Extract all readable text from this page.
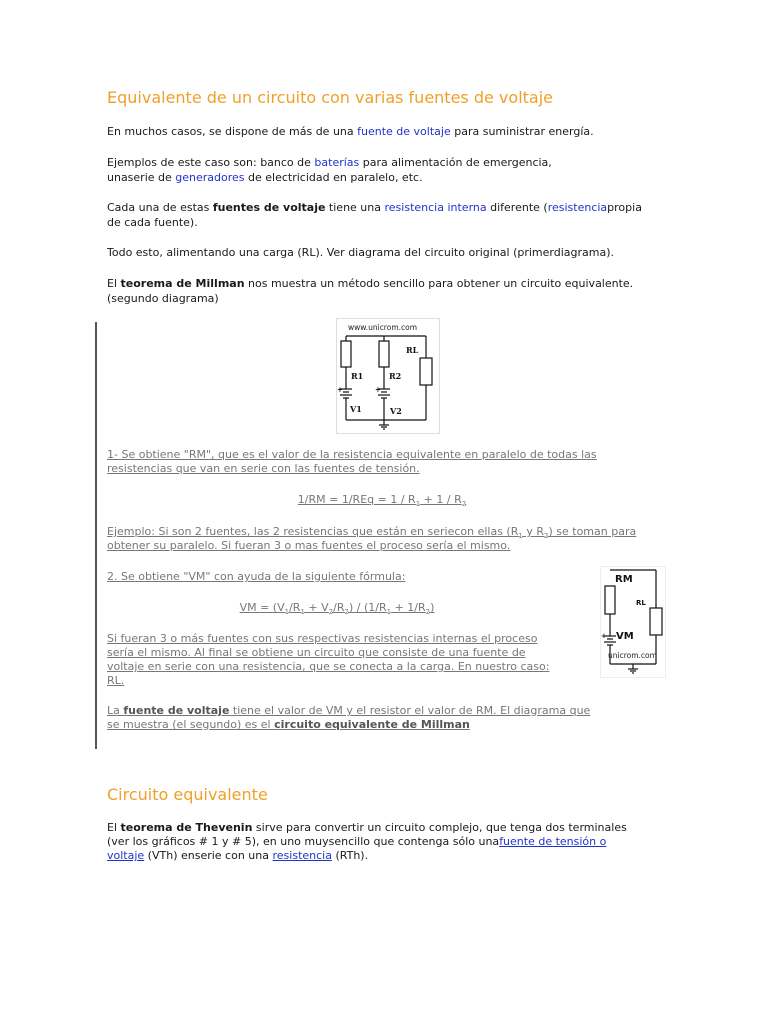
Equivalente de un circuito con varias fuentes de voltaje

En muchos casos, se dispone de más de una fuente de voltaje para suministrar energía.

Ejemplos de este caso son: banco de baterías para alimentación de emergencia,
unaserie de generadores de electricidad en paralelo, etc.

Cada una de estas fuentes de voltaje tiene una resistencia interna diferente (resistenciapropia
de cada fuente).

Todo esto, alimentando una carga (RL). Ver diagrama del circuito original (primerdiagrama).

El teorema de Millman nos muestra un método sencillo para obtener un circuito equivalente.
(segundo diagrama)

www.unicrom.com
R1	R2
RL
V1	V2
+	+

1- Se obtiene "RM", que es el valor de la resistencia equivalente en paralelo de todas las

resistencias que van en serie con las fuentes de tensión.

$1/RM = 1/REq = 1 / R_1 + 1 / R_2$

Ejemplo: Si son 2 fuentes, las 2 resistencias que están en seriecon ellas ($R_1$ y $R_2$) se toman para

obtener su paralelo. Si fueran 3 o mas fuentes el proceso sería el mismo.

2. Se obtiene "VM" con ayuda de la siguiente fórmula:

VM = $(V_1/R_1 + V_2/R_2) / (1/R_1 + 1/R_2)$

Si fueran 3 o más fuentes con sus respectivas resistencias internas el proceso

sería el mismo. Al final se obtiene un circuito que consiste de una fuente de

voltaje en serie con una resistencia, que se conecta a la carga. En nuestro caso:

RL.

RM
RL
VM
+
unicrom.com

La fuente de voltaje tiene el valor de VM y el resistor el valor de RM. El diagrama que

se muestra (el segundo) es el circuito equivalente de Millman

Circuito equivalente

El teorema de Thevenin sirve para convertir un circuito complejo, que tenga dos terminales

(ver los gráficos # 1 y # 5), en uno muysencillo que contenga sólo unafuente de tensión o

voltaje (VTh) enserie con una resistencia (RTh).
